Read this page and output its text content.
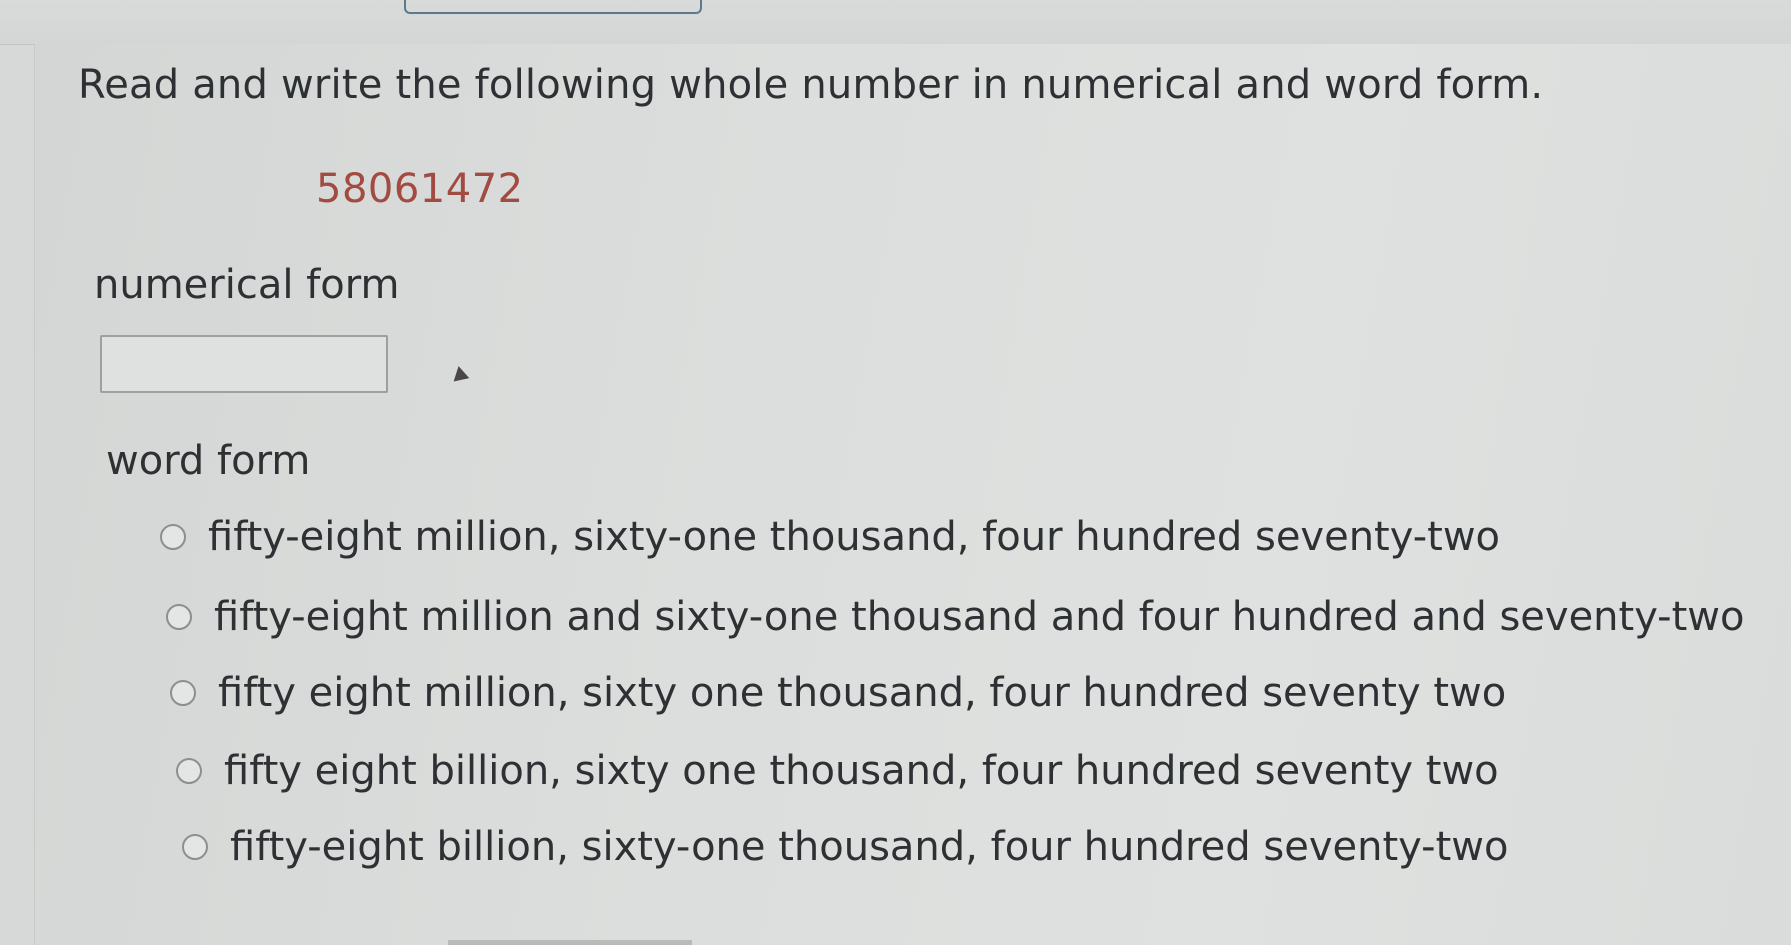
Read and write the following whole number in numerical and word form.
58061472
numerical form
word form
fifty-eight million, sixty-one thousand, four hundred seventy-two
fifty-eight million and sixty-one thousand and four hundred and seventy-two
fifty eight million, sixty one thousand, four hundred seventy two
fifty eight billion, sixty one thousand, four hundred seventy two
fifty-eight billion, sixty-one thousand, four hundred seventy-two
